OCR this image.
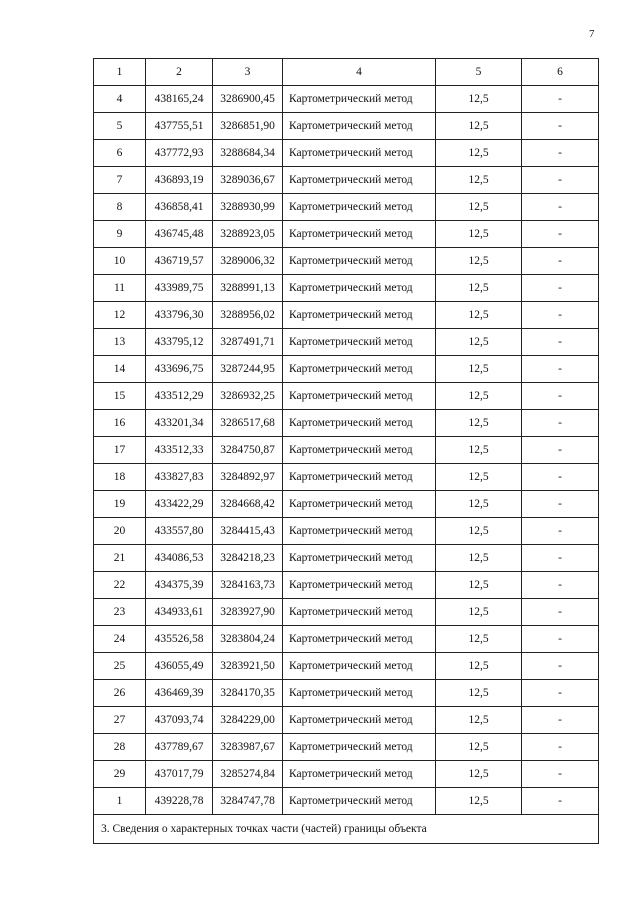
7
1	2	3	4	5	6
4	438165,24	3286900,45	Картометрический метод	12,5	-
5	437755,51	3286851,90	Картометрический метод	12,5	-
6	437772,93	3288684,34	Картометрический метод	12,5	-
7	436893,19	3289036,67	Картометрический метод	12,5	-
8	436858,41	3288930,99	Картометрический метод	12,5	-
9	436745,48	3288923,05	Картометрический метод	12,5	-
10	436719,57	3289006,32	Картометрический метод	12,5	-
11	433989,75	3288991,13	Картометрический метод	12,5	-
12	433796,30	3288956,02	Картометрический метод	12,5	-
13	433795,12	3287491,71	Картометрический метод	12,5	-
14	433696,75	3287244,95	Картометрический метод	12,5	-
15	433512,29	3286932,25	Картометрический метод	12,5	-
16	433201,34	3286517,68	Картометрический метод	12,5	-
17	433512,33	3284750,87	Картометрический метод	12,5	-
18	433827,83	3284892,97	Картометрический метод	12,5	-
19	433422,29	3284668,42	Картометрический метод	12,5	-
20	433557,80	3284415,43	Картометрический метод	12,5	-
21	434086,53	3284218,23	Картометрический метод	12,5	-
22	434375,39	3284163,73	Картометрический метод	12,5	-
23	434933,61	3283927,90	Картометрический метод	12,5	-
24	435526,58	3283804,24	Картометрический метод	12,5	-
25	436055,49	3283921,50	Картометрический метод	12,5	-
26	436469,39	3284170,35	Картометрический метод	12,5	-
27	437093,74	3284229,00	Картометрический метод	12,5	-
28	437789,67	3283987,67	Картометрический метод	12,5	-
29	437017,79	3285274,84	Картометрический метод	12,5	-
1	439228,78	3284747,78	Картометрический метод	12,5	-
3. Сведения о характерных точках части (частей) границы объекта					
